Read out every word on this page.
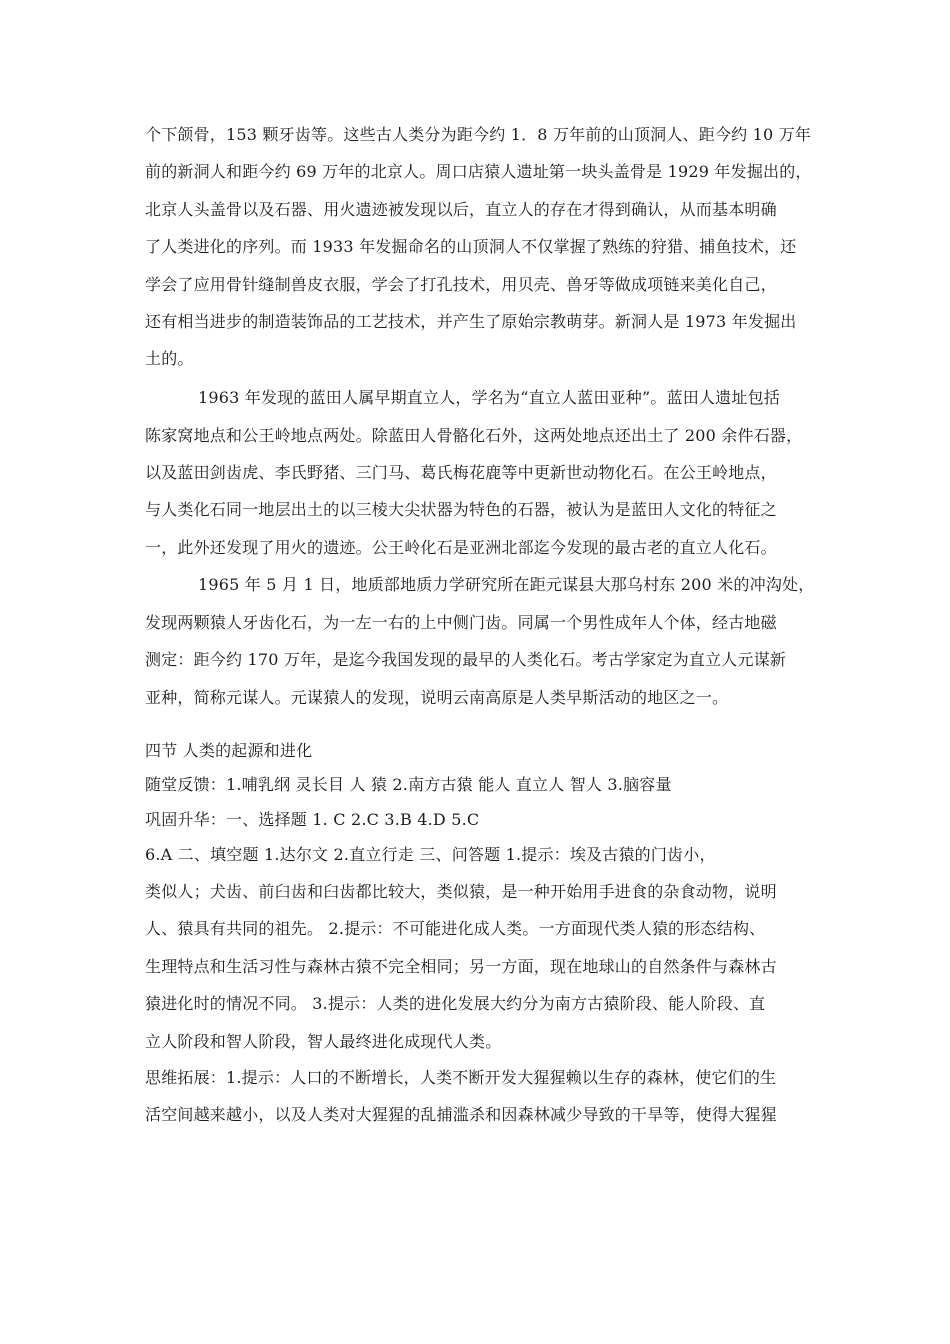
个下颌骨，153 颗牙齿等。这些古人类分为距今约 1．8 万年前的山顶洞人、距今约 10 万年
前的新洞人和距今约 69 万年的北京人。周口店猿人遗址第一块头盖骨是 1929 年发掘出的，
北京人头盖骨以及石器、用火遗迹被发现以后，直立人的存在才得到确认，从而基本明确
了人类进化的序列。而 1933 年发掘命名的山顶洞人不仅掌握了熟练的狩猎、捕鱼技术，还
学会了应用骨针缝制兽皮衣服，学会了打孔技术，用贝壳、兽牙等做成项链来美化自己，
还有相当进步的制造装饰品的工艺技术，并产生了原始宗教萌芽。新洞人是 1973 年发掘出
土的。
1963 年发现的蓝田人属早期直立人，学名为“直立人蓝田亚种”。蓝田人遗址包括
陈家窝地点和公王岭地点两处。除蓝田人骨骼化石外，这两处地点还出土了 200 余件石器，
以及蓝田剑齿虎、李氏野猪、三门马、葛氏梅花鹿等中更新世动物化石。在公王岭地点，
与人类化石同一地层出土的以三棱大尖状器为特色的石器，被认为是蓝田人文化的特征之
一，此外还发现了用火的遗迹。公王岭化石是亚洲北部迄今发现的最古老的直立人化石。
1965 年 5 月 1 日，地质部地质力学研究所在距元谋县大那乌村东 200 米的冲沟处，
发现两颗猿人牙齿化石，为一左一右的上中侧门齿。同属一个男性成年人个体，经古地磁
测定：距今约 170 万年，是迄今我国发现的最早的人类化石。考古学家定为直立人元谋新
亚种，简称元谋人。元谋猿人的发现，说明云南高原是人类早斯活动的地区之一。
四节 人类的起源和进化
随堂反馈：1.哺乳纲 灵长目 人 猿 2.南方古猿 能人 直立人 智人 3.脑容量
巩固升华：一、选择题 1. C 2.C 3.B 4.D 5.C
6.A 二、填空题 1.达尔文 2.直立行走 三、问答题 1.提示：埃及古猿的门齿小，
类似人；犬齿、前臼齿和臼齿都比较大，类似猿，是一种开始用手进食的杂食动物，说明
人、猿具有共同的祖先。 2.提示：不可能进化成人类。一方面现代类人猿的形态结构、
生理特点和生活习性与森林古猿不完全相同；另一方面，现在地球山的自然条件与森林古
猿进化时的情况不同。 3.提示：人类的进化发展大约分为南方古猿阶段、能人阶段、直
立人阶段和智人阶段，智人最终进化成现代人类。
思维拓展：1.提示：人口的不断增长，人类不断开发大猩猩赖以生存的森林，使它们的生
活空间越来越小，以及人类对大猩猩的乱捕滥杀和因森林减少导致的干旱等，使得大猩猩
